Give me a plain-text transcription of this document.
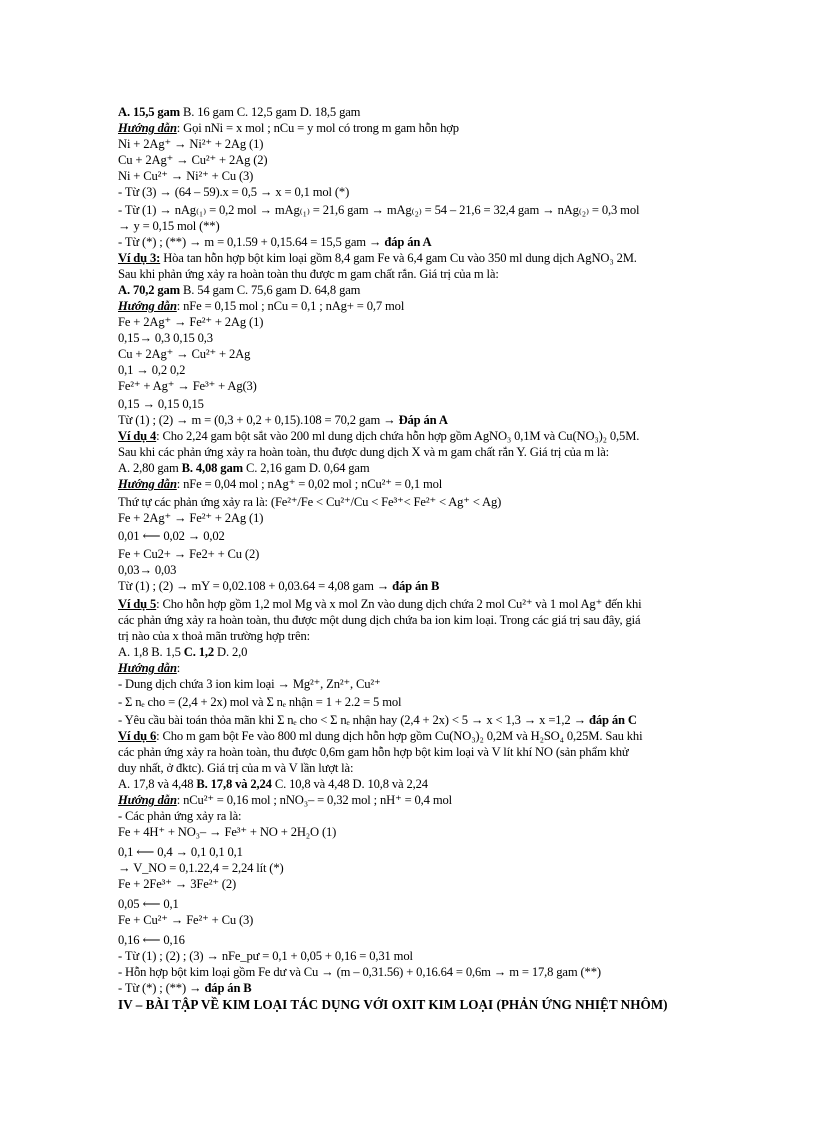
A. 15,5 gam B. 16 gam C. 12,5 gam D. 18,5 gam
Hướng dẫn: Gọi nNi = x mol ; nCu = y mol có trong m gam hỗn hợp
Ni + 2Ag⁺ → Ni²⁺ + 2Ag (1)
Cu + 2Ag⁺ → Cu²⁺ + 2Ag (2)
Ni + Cu²⁺ → Ni²⁺ + Cu (3)
- Từ (3) → (64 – 59).x = 0,5 → x = 0,1 mol (*)
- Từ (1) → nAg₍₁₎ = 0,2 mol → mAg₍₁₎ = 21,6 gam → mAg₍₂₎ = 54 – 21,6 = 32,4 gam → nAg₍₂₎ = 0,3 mol
→ y = 0,15 mol (**)
- Từ (*) ; (**) → m = 0,1.59 + 0,15.64 = 15,5 gam → đáp án A
Ví dụ 3: Hòa tan hỗn hợp bột kim loại gồm 8,4 gam Fe và 6,4 gam Cu vào 350 ml dung dịch AgNO₃ 2M.
Sau khi phản ứng xảy ra hoàn toàn thu được m gam chất rắn. Giá trị của m là:
A. 70,2 gam B. 54 gam C. 75,6 gam D. 64,8 gam
Hướng dẫn: nFe = 0,15 mol ; nCu = 0,1 ; nAg+ = 0,7 mol
Fe + 2Ag⁺ → Fe²⁺ + 2Ag (1)
0,15→ 0,3 0,15 0,3
Cu + 2Ag⁺ → Cu²⁺ + 2Ag
0,1 → 0,2 0,2
Fe²⁺ + Ag⁺ → Fe³⁺ + Ag(3)
0,15 → 0,15 0,15
Từ (1) ; (2) → m = (0,3 + 0,2 + 0,15).108 = 70,2 gam → Đáp án A
Ví dụ 4: Cho 2,24 gam bột sắt vào 200 ml dung dịch chứa hỗn hợp gồm AgNO₃ 0,1M và Cu(NO₃)₂ 0,5M.
Sau khi các phản ứng xảy ra hoàn toàn, thu được dung dịch X và m gam chất rắn Y. Giá trị của m là:
A. 2,80 gam B. 4,08 gam C. 2,16 gam D. 0,64 gam
Hướng dẫn: nFe = 0,04 mol ; nAg⁺ = 0,02 mol ; nCu²⁺ = 0,1 mol
Thứ tự các phản ứng xảy ra là: (Fe²⁺/Fe < Cu²⁺/Cu < Fe³⁺< Fe²⁺ < Ag⁺ < Ag)
Fe + 2Ag⁺ → Fe²⁺ + 2Ag (1)
0,01 ⟵ 0,02 → 0,02
Fe + Cu2+ → Fe2+ + Cu (2)
0,03→ 0,03
Từ (1) ; (2) → mY = 0,02.108 + 0,03.64 = 4,08 gam → đáp án B
Ví dụ 5: Cho hỗn hợp gồm 1,2 mol Mg và x mol Zn vào dung dịch chứa 2 mol Cu²⁺ và 1 mol Ag⁺ đến khi
các phản ứng xảy ra hoàn toàn, thu được một dung dịch chứa ba ion kim loại. Trong các giá trị sau đây, giá
trị nào của x thoả mãn trường hợp trên:
A. 1,8 B. 1,5 C. 1,2 D. 2,0
Hướng dẫn:
- Dung dịch chứa 3 ion kim loại → Mg²⁺, Zn²⁺, Cu²⁺
- Σ nₑ cho = (2,4 + 2x) mol và Σ nₑ nhận = 1 + 2.2 = 5 mol
- Yêu cầu bài toán thỏa mãn khi Σ nₑ cho < Σ nₑ nhận hay (2,4 + 2x) < 5 → x < 1,3 → x =1,2 → đáp án C
Ví dụ 6: Cho m gam bột Fe vào 800 ml dung dịch hỗn hợp gồm Cu(NO₃)₂ 0,2M và H₂SO₄ 0,25M. Sau khi
các phản ứng xảy ra hoàn toàn, thu được 0,6m gam hỗn hợp bột kim loại và V lít khí NO (sản phẩm khử
duy nhất, ở đktc). Giá trị của m và V lần lượt là:
A. 17,8 và 4,48 B. 17,8 và 2,24 C. 10,8 và 4,48 D. 10,8 và 2,24
Hướng dẫn: nCu²⁺ = 0,16 mol ; nNO₃– = 0,32 mol ; nH⁺ = 0,4 mol
- Các phản ứng xảy ra là:
Fe + 4H⁺ + NO₃– → Fe³⁺ + NO + 2H₂O (1)
0,1 ⟵ 0,4 → 0,1 0,1 0,1
→ V_NO = 0,1.22,4 = 2,24 lít (*)
Fe + 2Fe³⁺ → 3Fe²⁺ (2)
0,05 ⟵ 0,1
Fe + Cu²⁺ → Fe²⁺ + Cu (3)
0,16 ⟵ 0,16
- Từ (1) ; (2) ; (3) → nFe_pư = 0,1 + 0,05 + 0,16 = 0,31 mol
- Hỗn hợp bột kim loại gồm Fe dư và Cu → (m – 0,31.56) + 0,16.64 = 0,6m → m = 17,8 gam (**)
- Từ (*) ; (**) → đáp án B
IV – BÀI TẬP VỀ KIM LOẠI TÁC DỤNG VỚI OXIT KIM LOẠI (PHẢN ỨNG NHIỆT NHÔM)
